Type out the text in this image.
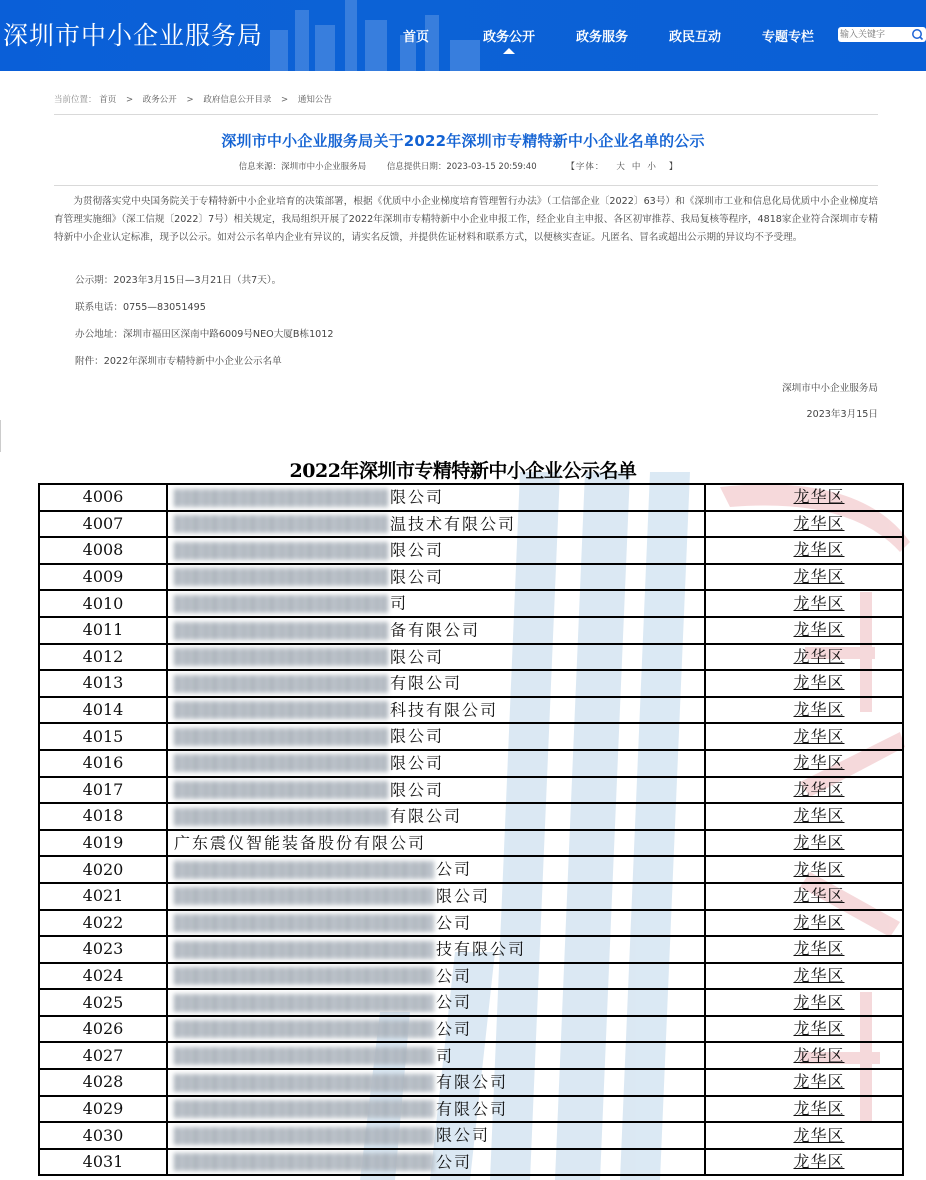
深圳市中小企业服务局	首页	政务公开	政务服务	政民互动	专题专栏
输入关键字
当前位置： 首页 > 政务公开 > 政府信息公开目录 > 通知公告
深圳市中小企业服务局关于2022年深圳市专精特新中小企业名单的公示
信息来源：深圳市中小企业服务局 信息提供日期：2023-03-15 20:59:40	【字体： 大 中 小 】
为贯彻落实党中央国务院关于专精特新中小企业培育的决策部署，根据《优质中小企业梯度培育管理暂行办法》（工信部企业〔2022〕63号）和《深圳市工业和信息化局优质中小企业梯度培育管理实施细》（深工信规〔2022〕7号）相关规定，我局组织开展了2022年深圳市专精特新中小企业申报工作，经企业自主申报、各区初审推荐、我局复核等程序，4818家企业符合深圳市专精特新中小企业认定标准，现予以公示。如对公示名单内企业有异议的，请实名反馈，并提供佐证材料和联系方式，以便核实查证。凡匿名、冒名或超出公示期的异议均不予受理。
公示期：2023年3月15日—3月21日（共7天）。
联系电话：0755—83051495
办公地址：深圳市福田区深南中路6009号NEO大厦B栋1012
附件：2022年深圳市专精特新中小企业公示名单
深圳市中小企业服务局
2023年3月15日
2022年深圳市专精特新中小企业公示名单
4006	限公司	龙华区
4007	温技术有限公司	龙华区
4008	限公司	龙华区
4009	限公司	龙华区
4010	司	龙华区
4011	备有限公司	龙华区
4012	限公司	龙华区
4013	有限公司	龙华区
4014	科技有限公司	龙华区
4015	限公司	龙华区
4016	限公司	龙华区
4017	限公司	龙华区
4018	有限公司	龙华区
4019	广东震仪智能装备股份有限公司	龙华区
4020	公司	龙华区
4021	限公司	龙华区
4022	公司	龙华区
4023	技有限公司	龙华区
4024	公司	龙华区
4025	公司	龙华区
4026	公司	龙华区
4027	司	龙华区
4028	有限公司	龙华区
4029	有限公司	龙华区
4030	限公司	龙华区
4031	公司	龙华区
